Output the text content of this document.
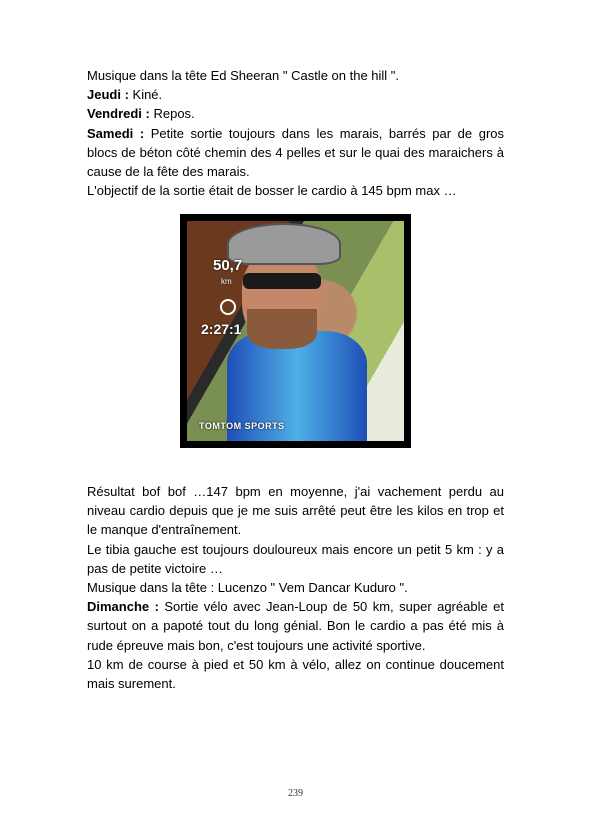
Musique dans la tête Ed Sheeran " Castle on the hill ".

Jeudi : Kiné.

Vendredi : Repos.

Samedi : Petite sortie toujours dans les marais, barrés par de gros blocs de béton côté chemin des 4 pelles et sur le quai des maraichers à cause de la fête des marais.

L'objectif de la sortie était de bosser le cardio à 145 bpm max …

50,7
km
2:27:1
TOMTOM SPORTS

Résultat bof bof …147 bpm en moyenne, j'ai vachement perdu au niveau cardio depuis que je me suis arrêté peut être les kilos en trop et le manque d'entraînement.

Le tibia gauche est toujours douloureux mais encore un petit 5 km : y a pas de petite victoire …

Musique dans la tête : Lucenzo " Vem Dancar Kuduro ".

Dimanche : Sortie vélo avec Jean-Loup de 50 km, super agréable et surtout on a papoté tout du long génial. Bon le cardio a pas été mis à rude épreuve mais bon, c'est toujours une activité sportive.

10 km de course à pied et 50 km à vélo, allez on continue doucement mais surement.

239
